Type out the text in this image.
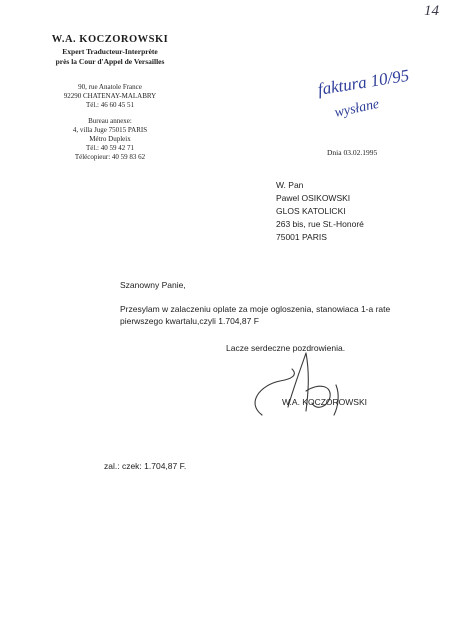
14
W.A. KOCZOROWSKI
Expert Traducteur-Interprète
près la Cour d'Appel de Versailles
90, rue Anatole France
92290 CHATENAY-MALABRY
Tél.: 46 60 45 51
Bureau annexe:
4, villa Juge 75015 PARIS
Métro Dupleix
Tél.: 40 59 42 71
Télécopieur: 40 59 83 62
faktura 10/95
wysłane
Dnia 03.02.1995
W. Pan
Pawel OSIKOWSKI
GLOS KATOLICKI
263 bis, rue St.-Honoré
75001 PARIS
Szanowny Panie,
Przesylam w zalaczeniu oplate za moje ogloszenia, stanowiaca 1-a rate
pierwszego kwartalu,czyli 1.704,87 F
Lacze serdeczne pozdrowienia.
W.A. KOCZOROWSKI
zal.: czek: 1.704,87 F.
